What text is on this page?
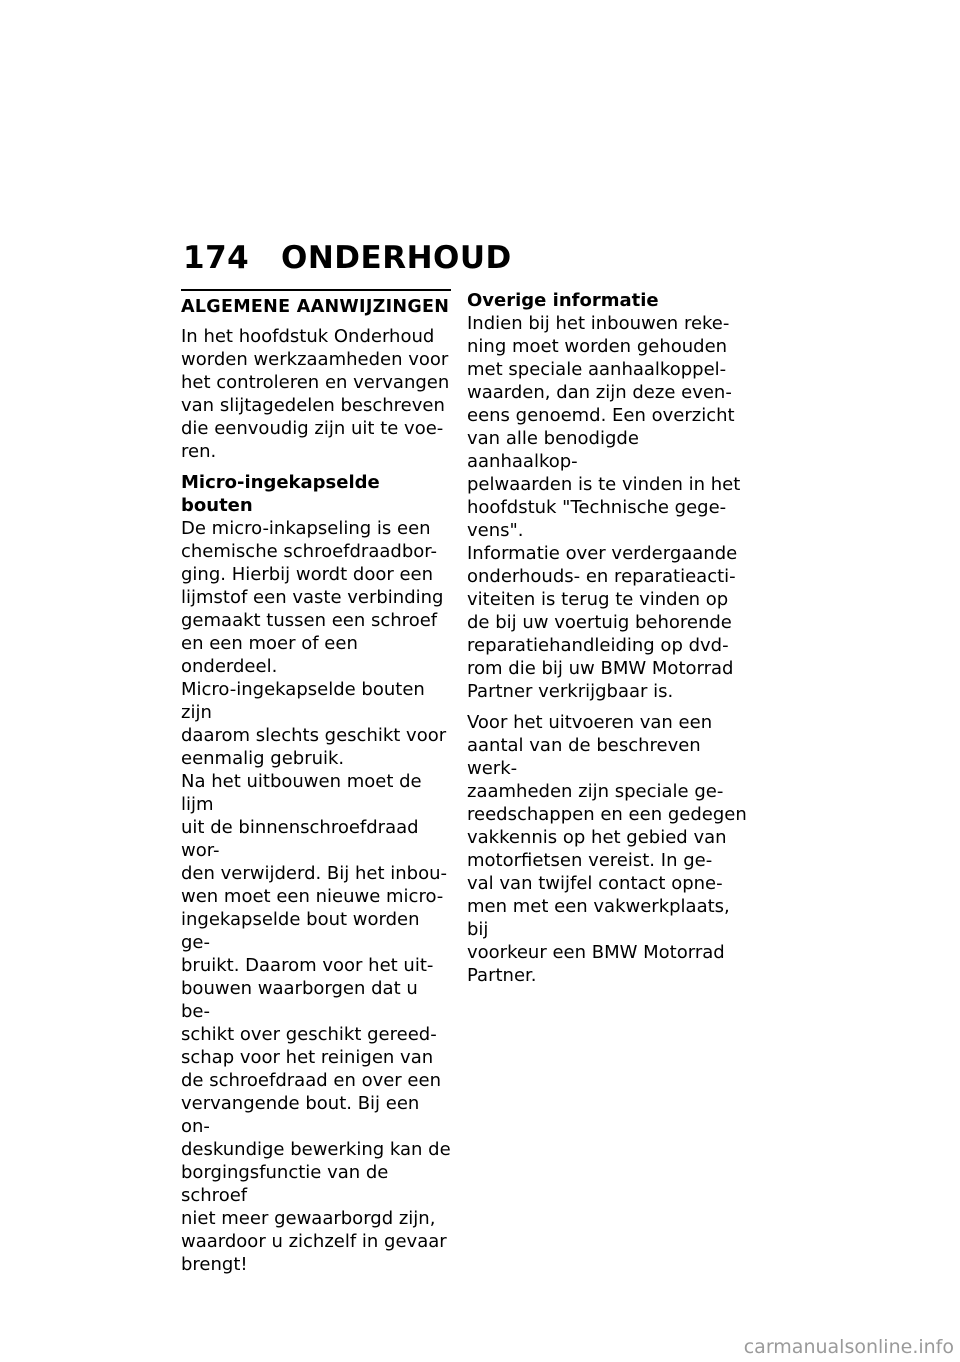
174 ONDERHOUD
ALGEMENE AANWIJZINGEN

In het hoofdstuk Onderhoud
worden werkzaamheden voor
het controleren en vervangen
van slijtagedelen beschreven
die eenvoudig zijn uit te voe-
ren.

Micro-ingekapselde bouten

De micro-inkapseling is een
chemische schroefdraadbor-
ging. Hierbij wordt door een
lijmstof een vaste verbinding
gemaakt tussen een schroef
en een moer of een onderdeel.
Micro-ingekapselde bouten zijn
daarom slechts geschikt voor
eenmalig gebruik.

Na het uitbouwen moet de lijm
uit de binnenschroefdraad wor-
den verwijderd. Bij het inbou-
wen moet een nieuwe micro-
ingekapselde bout worden ge-
bruikt. Daarom voor het uit-
bouwen waarborgen dat u be-
schikt over geschikt gereed-
schap voor het reinigen van
de schroefdraad en over een
vervangende bout. Bij een on-
deskundige bewerking kan de
borgingsfunctie van de schroef
niet meer gewaarborgd zijn,
waardoor u zichzelf in gevaar
brengt!

Overige informatie

Indien bij het inbouwen reke-
ning moet worden gehouden
met speciale aanhaalkoppel-
waarden, dan zijn deze even-
eens genoemd. Een overzicht
van alle benodigde aanhaalkop-
pelwaarden is te vinden in het
hoofdstuk "Technische gege-
vens".

Informatie over verdergaande
onderhouds- en reparatieacti-
viteiten is terug te vinden op
de bij uw voertuig behorende
reparatiehandleiding op dvd-
rom die bij uw BMW Motorrad
Partner verkrijgbaar is.

Voor het uitvoeren van een
aantal van de beschreven werk-
zaamheden zijn speciale ge-
reedschappen en een gedegen
vakkennis op het gebied van
motorfietsen vereist. In ge-
val van twijfel contact opne-
men met een vakwerkplaats, bij
voorkeur een BMW Motorrad
Partner.

carmanualsonline.info
